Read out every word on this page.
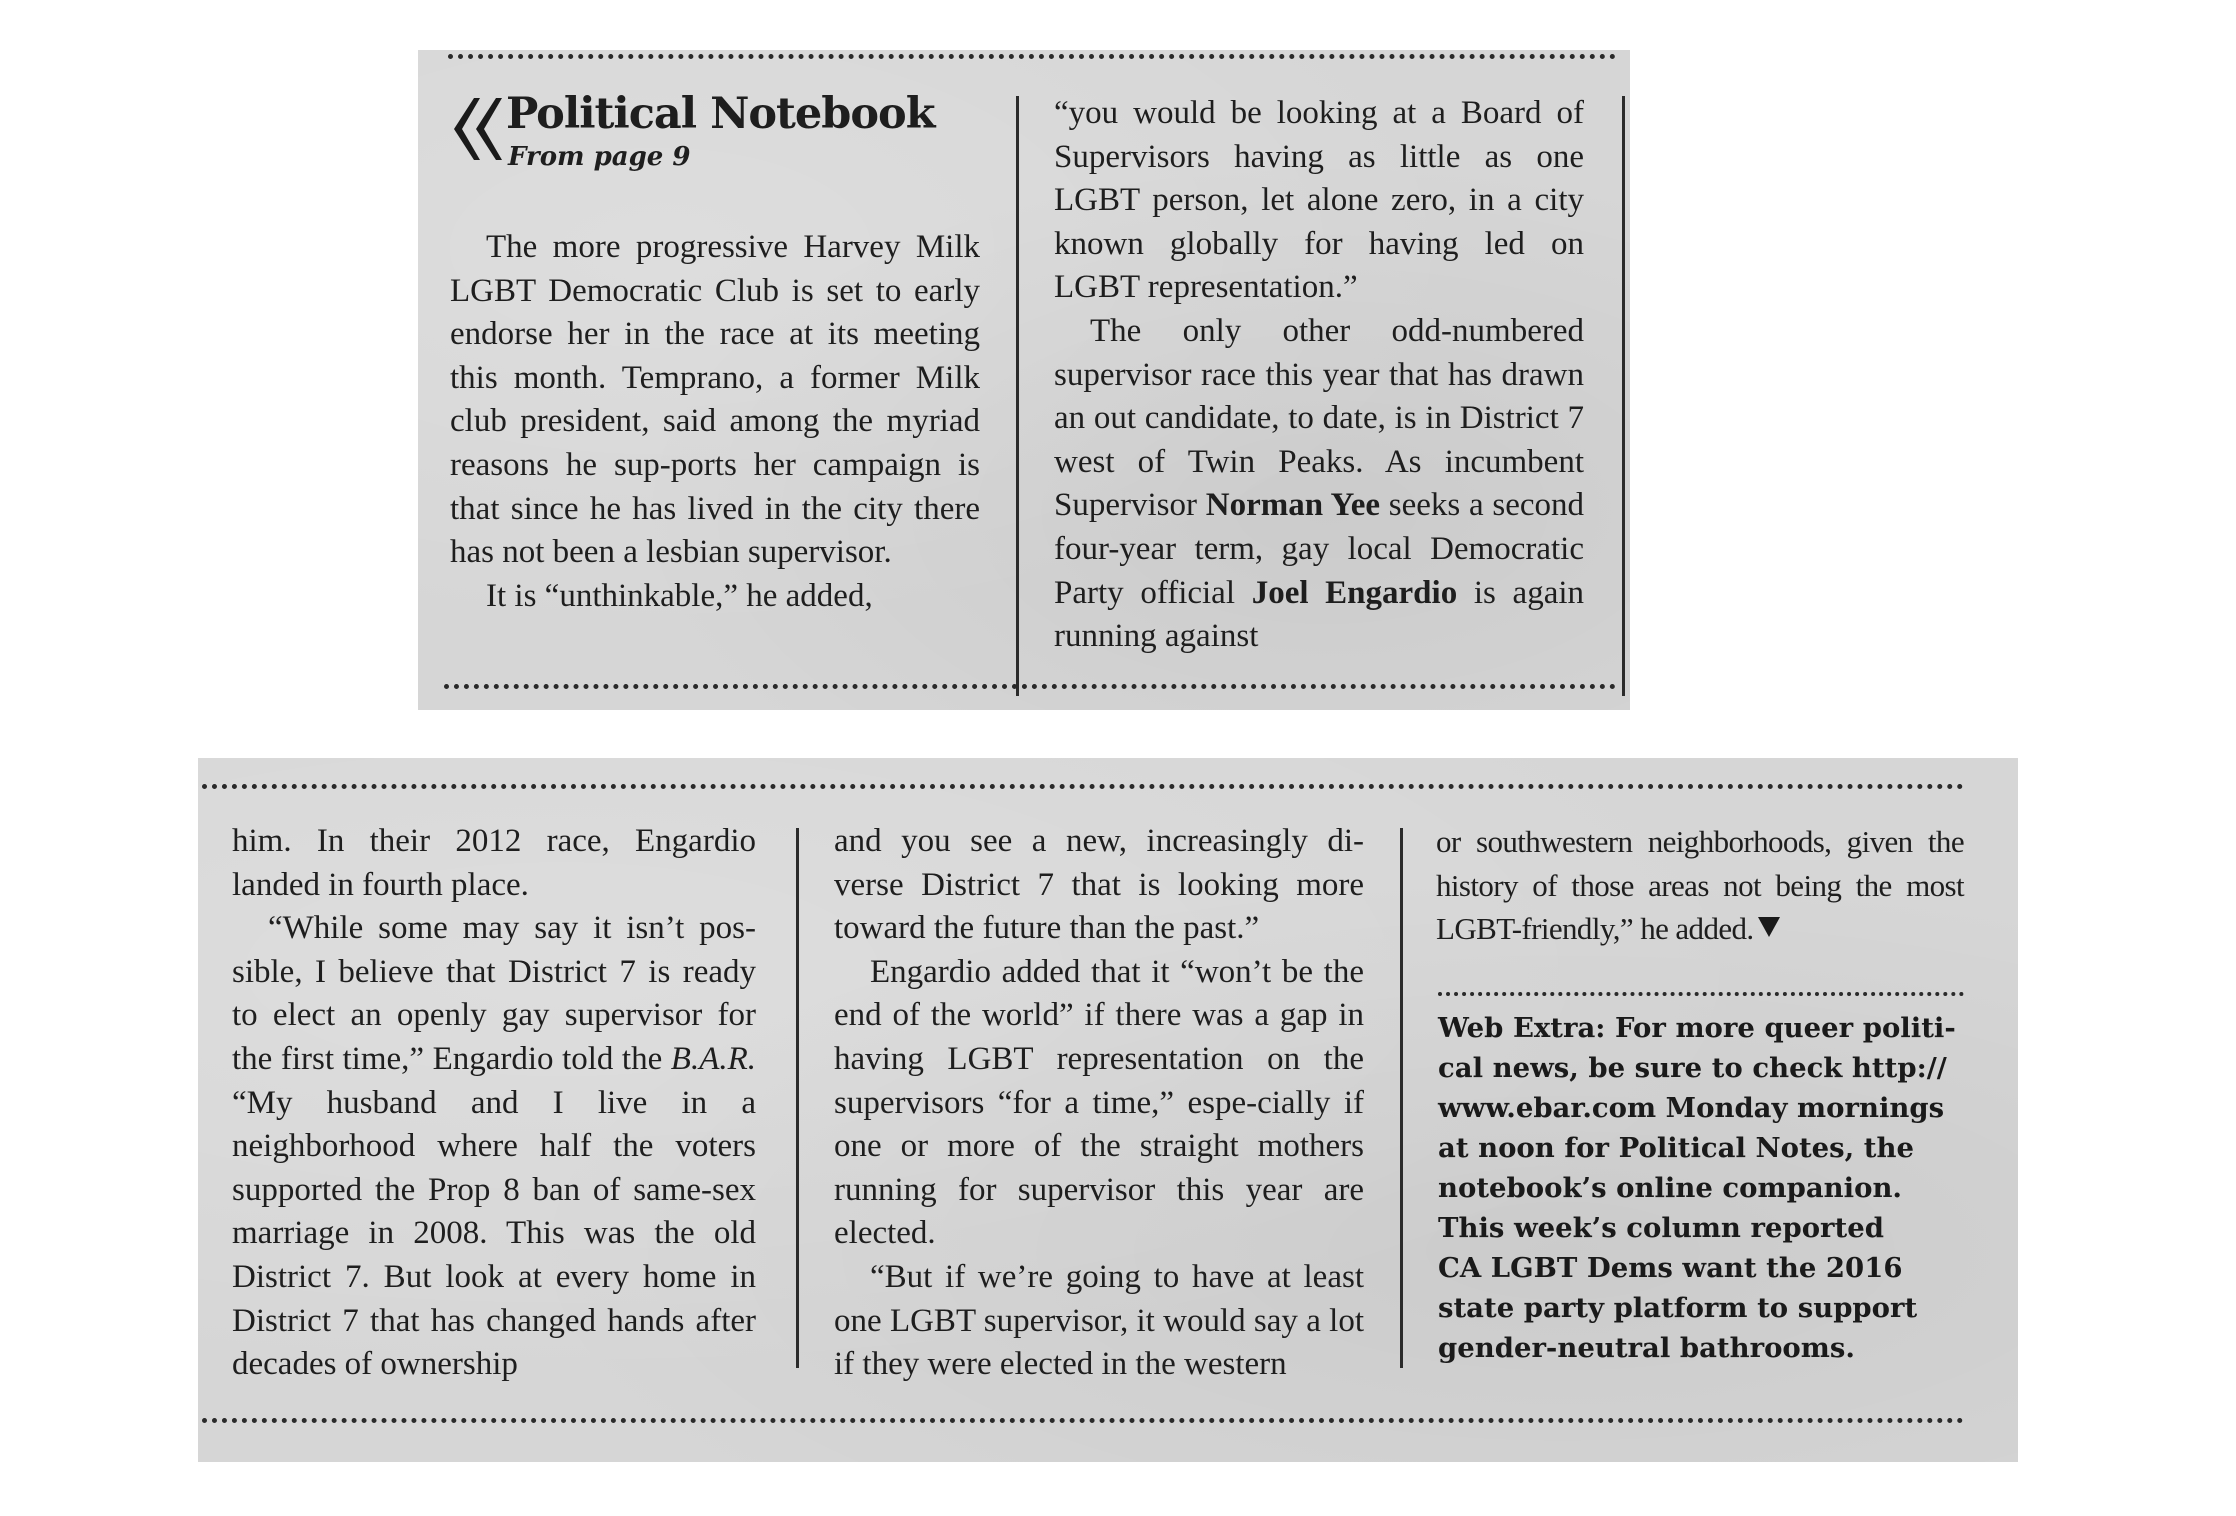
Political Notebook
From page 9

The more progressive Harvey Milk LGBT Democratic Club is set to early endorse her in the race at its meeting this month. Temprano, a former Milk club president, said among the myriad reasons he sup-ports her campaign is that since he has lived in the city there has not been a lesbian supervisor.

It is “unthinkable,” he added,

“you would be looking at a Board of Supervisors having as little as one LGBT person, let alone zero, in a city known globally for having led on LGBT representation.”

The only other odd-numbered supervisor race this year that has drawn an out candidate, to date, is in District 7 west of Twin Peaks. As incumbent Supervisor Norman Yee seeks a second four-year term, gay local Democratic Party official Joel Engardio is again running against

him. In their 2012 race, Engardio landed in fourth place.

“While some may say it isn’t pos-sible, I believe that District 7 is ready to elect an openly gay supervisor for the first time,” Engardio told the B.A.R. “My husband and I live in a neighborhood where half the voters supported the Prop 8 ban of same-sex marriage in 2008. This was the old District 7. But look at every home in District 7 that has changed hands after decades of ownership

and you see a new, increasingly di-verse District 7 that is looking more toward the future than the past.”

Engardio added that it “won’t be the end of the world” if there was a gap in having LGBT representation on the supervisors “for a time,” espe-cially if one or more of the straight mothers running for supervisor this year are elected.

“But if we’re going to have at least one LGBT supervisor, it would say a lot if they were elected in the western

or southwestern neighborhoods, given the history of those areas not being the most LGBT-friendly,” he added.

Web Extra: For more queer politi-
cal news, be sure to check http://
www.ebar.com Monday mornings
at noon for Political Notes, the
notebook’s online companion.
This week’s column reported
CA LGBT Dems want the 2016
state party platform to support
gender-neutral bathrooms.
